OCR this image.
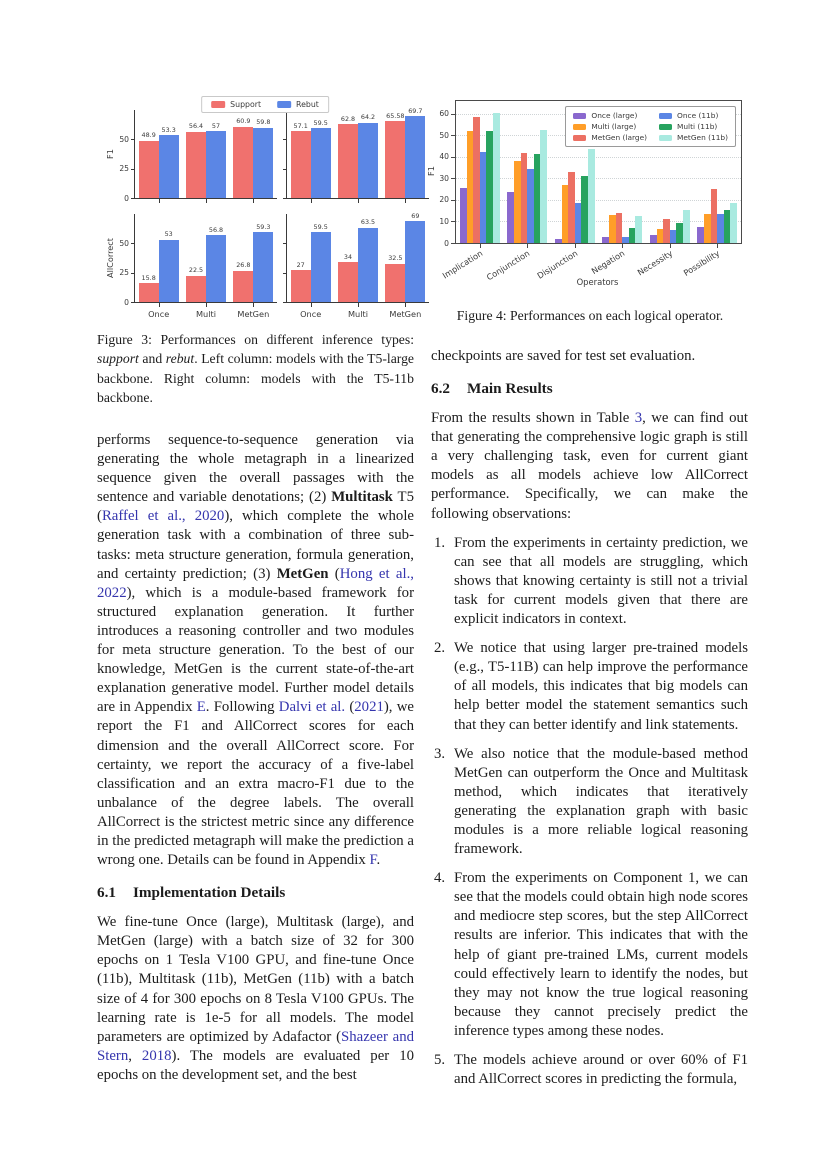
Support	Rebut
0
25
50
F1
48.9
53.3	56.4	57
60.9 59.8	57.1 59.5	62.8 64.2	65.58
69.7
0
25
50
AllCorrect	15.8
53
Once
22.5
56.8
Multi
26.8
59.3
MetGen
27
59.5
Once
34
63.5
Multi
32.5
69
MetGen
Figure 3: Performances on different inference types: support and rebut. Left column: models with the T5-large backbone. Right column: models with the T5-11b backbone.
0
10
20
30
40
50
60	Once (large)
Multi (large)
MetGen (large)
Once (11b)
Multi (11b)
MetGen (11b)
Implication Conjunction Disjunction	Negation	Necessity Possibility
F1
Operators
Figure 4: Performances on each logical operator.

performs sequence-to-sequence generation via generating the whole metagraph in a linearized sequence given the overall passages with the sentence and variable denotations; (2) Multitask T5 (Raffel et al., 2020), which complete the whole generation task with a combination of three sub-tasks: meta structure generation, formula generation, and certainty prediction; (3) MetGen (Hong et al., 2022), which is a module-based framework for structured explanation generation. It further introduces a reasoning controller and two modules for meta structure generation. To the best of our knowledge, MetGen is the current state-of-the-art explanation generative model. Further model details are in Appendix E. Following Dalvi et al. (2021), we report the F1 and AllCorrect scores for each dimension and the overall AllCorrect score. For certainty, we report the accuracy of a five-label classification and an extra macro-F1 due to the unbalance of the degree labels. The overall AllCorrect is the strictest metric since any difference in the predicted metagraph will make the prediction a wrong one. Details can be found in Appendix F.

6.1 Implementation Details

We fine-tune Once (large), Multitask (large), and MetGen (large) with a batch size of 32 for 300 epochs on 1 Tesla V100 GPU, and fine-tune Once (11b), Multitask (11b), MetGen (11b) with a batch size of 4 for 300 epochs on 8 Tesla V100 GPUs. The learning rate is 1e-5 for all models. The model parameters are optimized by Adafactor (Shazeer and Stern, 2018). The models are evaluated per 10 epochs on the development set, and the best

checkpoints are saved for test set evaluation.

6.2 Main Results

From the results shown in Table 3, we can find out that generating the comprehensive logic graph is still a very challenging task, even for current giant models as all models achieve low AllCorrect performance. Specifically, we can make the following observations:

1. From the experiments in certainty prediction, we can see that all models are struggling, which shows that knowing certainty is still not a trivial task for current models given that there are explicit indicators in context.
2. We notice that using larger pre-trained models (e.g., T5-11B) can help improve the performance of all models, this indicates that big models can help better model the statement semantics such that they can better identify and link statements.
3. We also notice that the module-based method MetGen can outperform the Once and Multitask method, which indicates that iteratively generating the explanation graph with basic modules is a more reliable logical reasoning framework.
4. From the experiments on Component 1, we can see that the models could obtain high node scores and mediocre step scores, but the step AllCorrect results are inferior. This indicates that with the help of giant pre-trained LMs, current models could effectively learn to identify the nodes, but they may not know the true logical reasoning because they cannot precisely predict the inference types among these nodes.
5. The models achieve around or over 60% of F1 and AllCorrect scores in predicting the formula,
